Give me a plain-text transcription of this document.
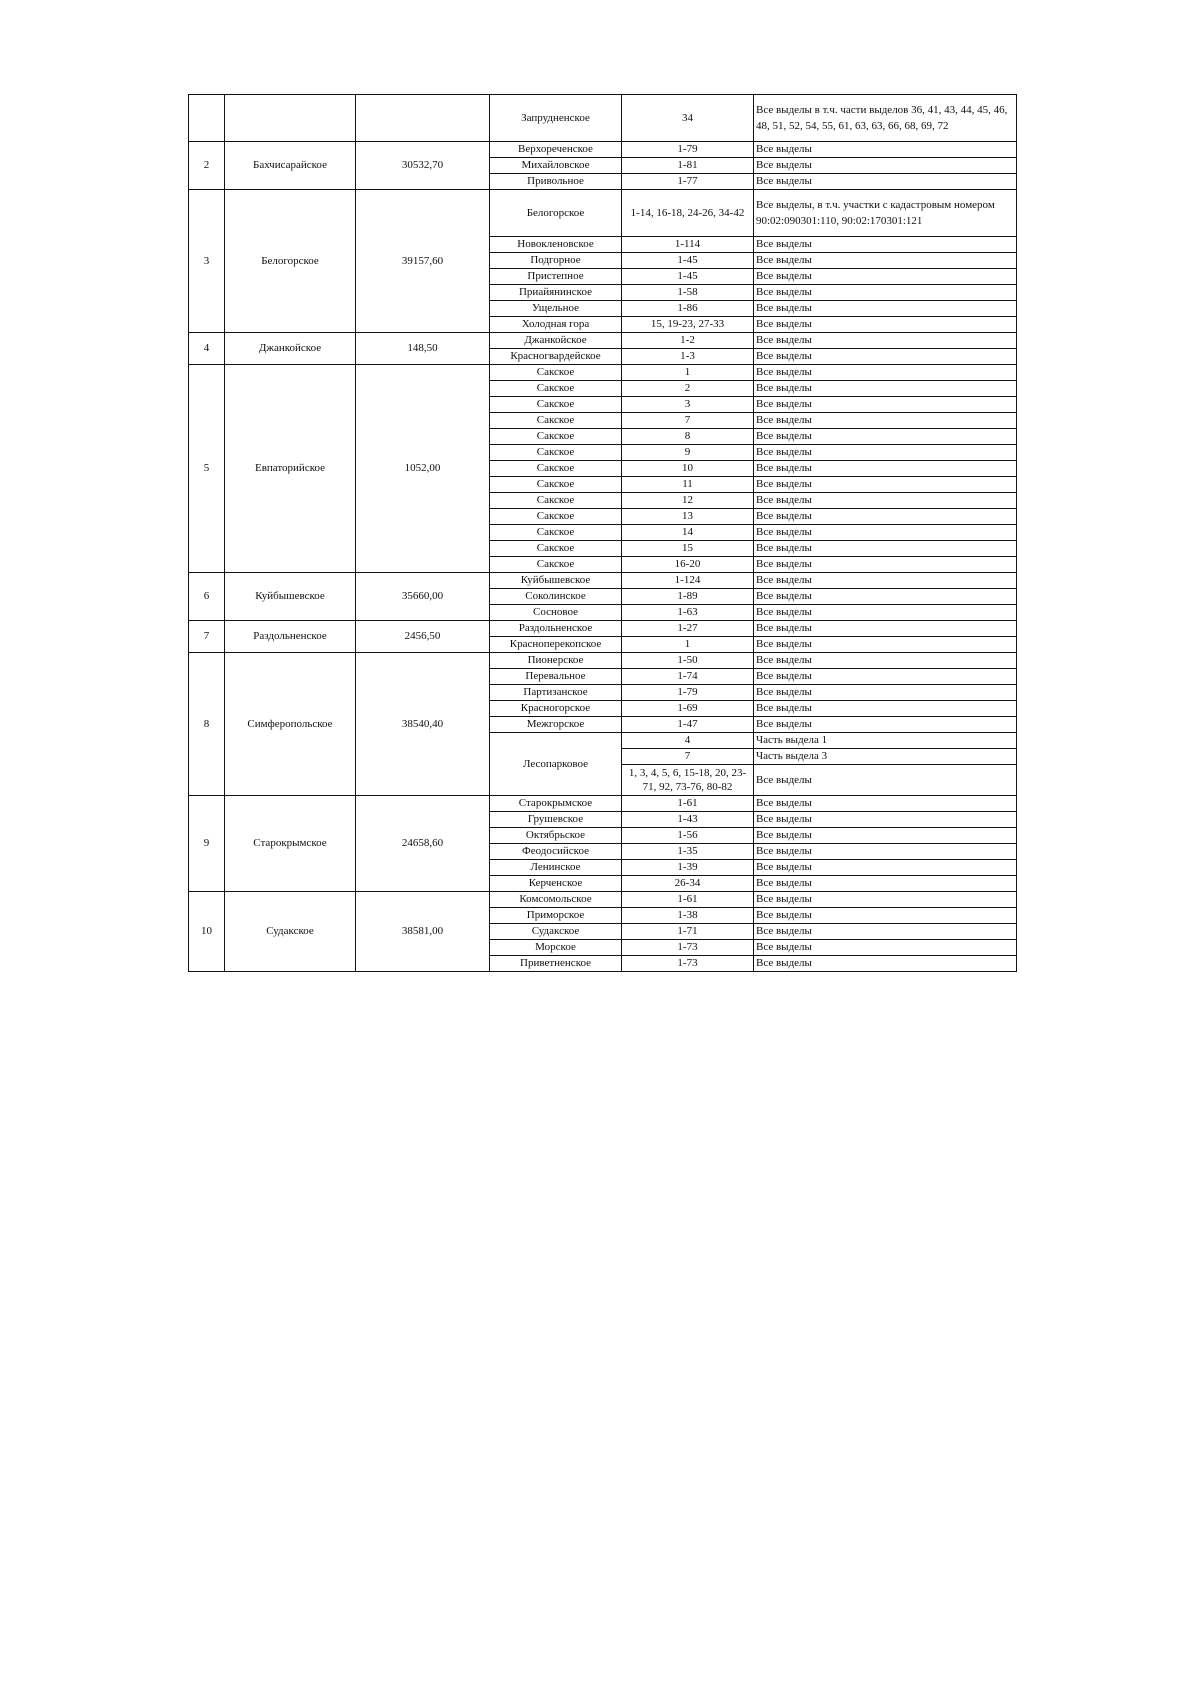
			Запрудненское	34	Все выделы в т.ч. части выделов 36, 41, 43, 44, 45, 46, 48, 51, 52, 54, 55, 61, 63, 63, 66, 68, 69, 72
2	Бахчисарайское	30532,70	Верхореченское	1-79	Все выделы
			Михайловское	1-81	Все выделы
			Привольное	1-77	Все выделы
3	Белогорское	39157,60	Белогорское	1-14, 16-18, 24-26, 34-42	Все выделы, в т.ч. участки с кадастровым номером 90:02:090301:110, 90:02:170301:121
			Новокленовское	1-114	Все выделы
			Подгорное	1-45	Все выделы
			Пристепное	1-45	Все выделы
			Приайянинское	1-58	Все выделы
			Ущельное	1-86	Все выделы
			Холодная гора	15, 19-23, 27-33	Все выделы
4	Джанкойское	148,50	Джанкойское	1-2	Все выделы
			Красногвардейское	1-3	Все выделы
5	Евпаторийское	1052,00	Сакское	1	Все выделы
			Сакское	2	Все выделы
			Сакское	3	Все выделы
			Сакское	7	Все выделы
			Сакское	8	Все выделы
			Сакское	9	Все выделы
			Сакское	10	Все выделы
			Сакское	11	Все выделы
			Сакское	12	Все выделы
			Сакское	13	Все выделы
			Сакское	14	Все выделы
			Сакское	15	Все выделы
			Сакское	16-20	Все выделы
6	Куйбышевское	35660,00	Куйбышевское	1-124	Все выделы
			Соколинское	1-89	Все выделы
			Сосновое	1-63	Все выделы
7	Раздольненское	2456,50	Раздольненское	1-27	Все выделы
			Красноперекопское	1	Все выделы
8	Симферопольское	38540,40	Пионерское	1-50	Все выделы
			Перевальное	1-74	Все выделы
			Партизанское	1-79	Все выделы
			Красногорское	1-69	Все выделы
			Межгорское	1-47	Все выделы
			Лесопарковое	4	Часть выдела 1
				7	Часть выдела 3
				1, 3, 4, 5, 6, 15-18, 20, 23-71, 92, 73-76, 80-82	Все выделы
9	Старокрымское	24658,60	Старокрымское	1-61	Все выделы
			Грушевское	1-43	Все выделы
			Октябрьское	1-56	Все выделы
			Феодосийское	1-35	Все выделы
			Ленинское	1-39	Все выделы
			Керченское	26-34	Все выделы
10	Судакское	38581,00	Комсомольское	1-61	Все выделы
			Приморское	1-38	Все выделы
			Судакское	1-71	Все выделы
			Морское	1-73	Все выделы
			Приветненское	1-73	Все выделы
